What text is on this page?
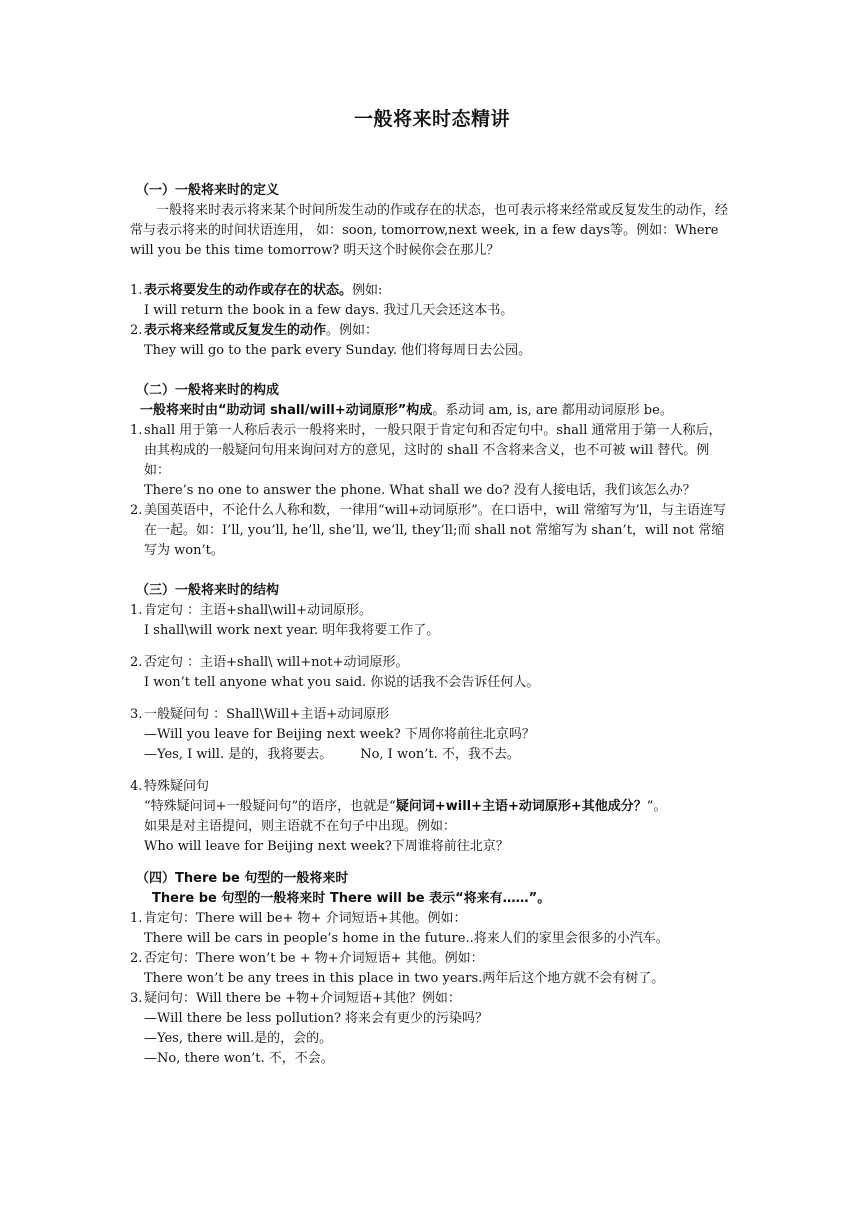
一般将来时态精讲
（一）一般将来时的定义

一般将来时表示将来某个时间所发生动的作或存在的状态，也可表示将来经常或反复发生的动作，经常与表示将来的时间状语连用， 如：soon, tomorrow,next week, in a few days等。例如：Where will you be this time tomorrow? 明天这个时候你会在那儿？

1. 表示将要发生的动作或存在的状态。例如:
I will return the book in a few days. 我过几天会还这本书。
2. 表示将来经常或反复发生的动作。例如：
They will go to the park every Sunday. 他们将每周日去公园。
（二）一般将来时的构成
一般将来时由“助动词 shall/will+动词原形”构成。系动词 am, is, are 都用动词原形 be。
1. shall 用于第一人称后表示一般将来时，一般只限于肯定句和否定句中。shall 通常用于第一人称后，由其构成的一般疑问句用来询问对方的意见，这时的 shall 不含将来含义，也不可被 will 替代。例如：
There’s no one to answer the phone. What shall we do? 没有人接电话，我们该怎么办？
2. 美国英语中，不论什么人称和数，一律用“will+动词原形”。在口语中，will 常缩写为’ll，与主语连写在一起。如：I’ll, you’ll, he’ll, she’ll, we’ll, they’ll;而 shall not 常缩写为 shan’t，will not 常缩写为 won’t。
（三）一般将来时的结构
1. 肯定句 ：主语+shall\will+动词原形。
I shall\will work next year. 明年我将要工作了。
2. 否定句 ：主语+shall\ will+not+动词原形。
I won’t tell anyone what you said. 你说的话我不会告诉任何人。
3. 一般疑问句 ：Shall\Will+主语+动词原形
—Will you leave for Beijing next week? 下周你将前往北京吗？
—Yes, I will. 是的，我将要去。 No, I won’t. 不，我不去。
4. 特殊疑问句
“特殊疑问词+一般疑问句”的语序，也就是“疑问词+will+主语+动词原形+其他成分？”。
如果是对主语提问，则主语就不在句子中出现。例如：
Who will leave for Beijing next week?下周谁将前往北京？
（四）There be 句型的一般将来时
There be 句型的一般将来时 There will be 表示“将来有……”。
1. 肯定句：There will be+ 物+ 介词短语+其他。例如：
There will be cars in people’s home in the future..将来人们的家里会很多的小汽车。
2. 否定句：There won’t be + 物+介词短语+ 其他。例如：
There won’t be any trees in this place in two years.两年后这个地方就不会有树了。
3. 疑问句：Will there be +物+介词短语+其他？例如：
—Will there be less pollution? 将来会有更少的污染吗？
—Yes, there will.是的，会的。
—No, there won’t. 不，不会。
